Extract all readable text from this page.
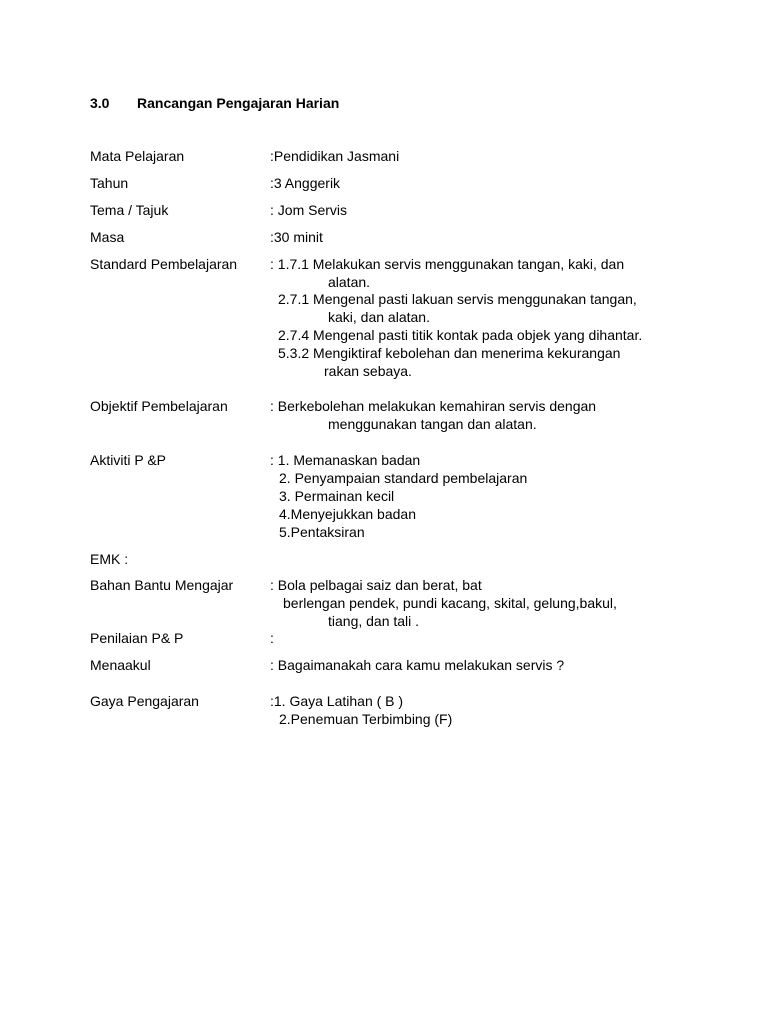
3.0 Rancangan Pengajaran Harian
Mata Pelajaran	:Pendidikan Jasmani
Tahun	:3 Anggerik
Tema / Tajuk	: Jom Servis
Masa	:30 minit
Standard Pembelajaran : 1.7.1 Melakukan servis menggunakan tangan, kaki, dan
alatan.
2.7.1 Mengenal pasti lakuan servis menggunakan tangan,
kaki, dan alatan.
2.7.4 Mengenal pasti titik kontak pada objek yang dihantar.
5.3.2 Mengiktiraf kebolehan dan menerima kekurangan
rakan sebaya.
Objektif Pembelajaran	: Berkebolehan melakukan kemahiran servis dengan
menggunakan tangan dan alatan.
Aktiviti P &P	: 1. Memanaskan badan
2. Penyampaian standard pembelajaran
3. Permainan kecil
4.Menyejukkan badan
5.Pentaksiran
EMK :
Bahan Bantu Mengajar	: Bola pelbagai saiz dan berat, bat
berlengan pendek, pundi kacang, skital, gelung,bakul,
tiang, dan tali .
Penilaian P& P	:
Menaakul	: Bagaimanakah cara kamu melakukan servis ?
Gaya Pengajaran	:1. Gaya Latihan ( B )
2.Penemuan Terbimbing (F)
